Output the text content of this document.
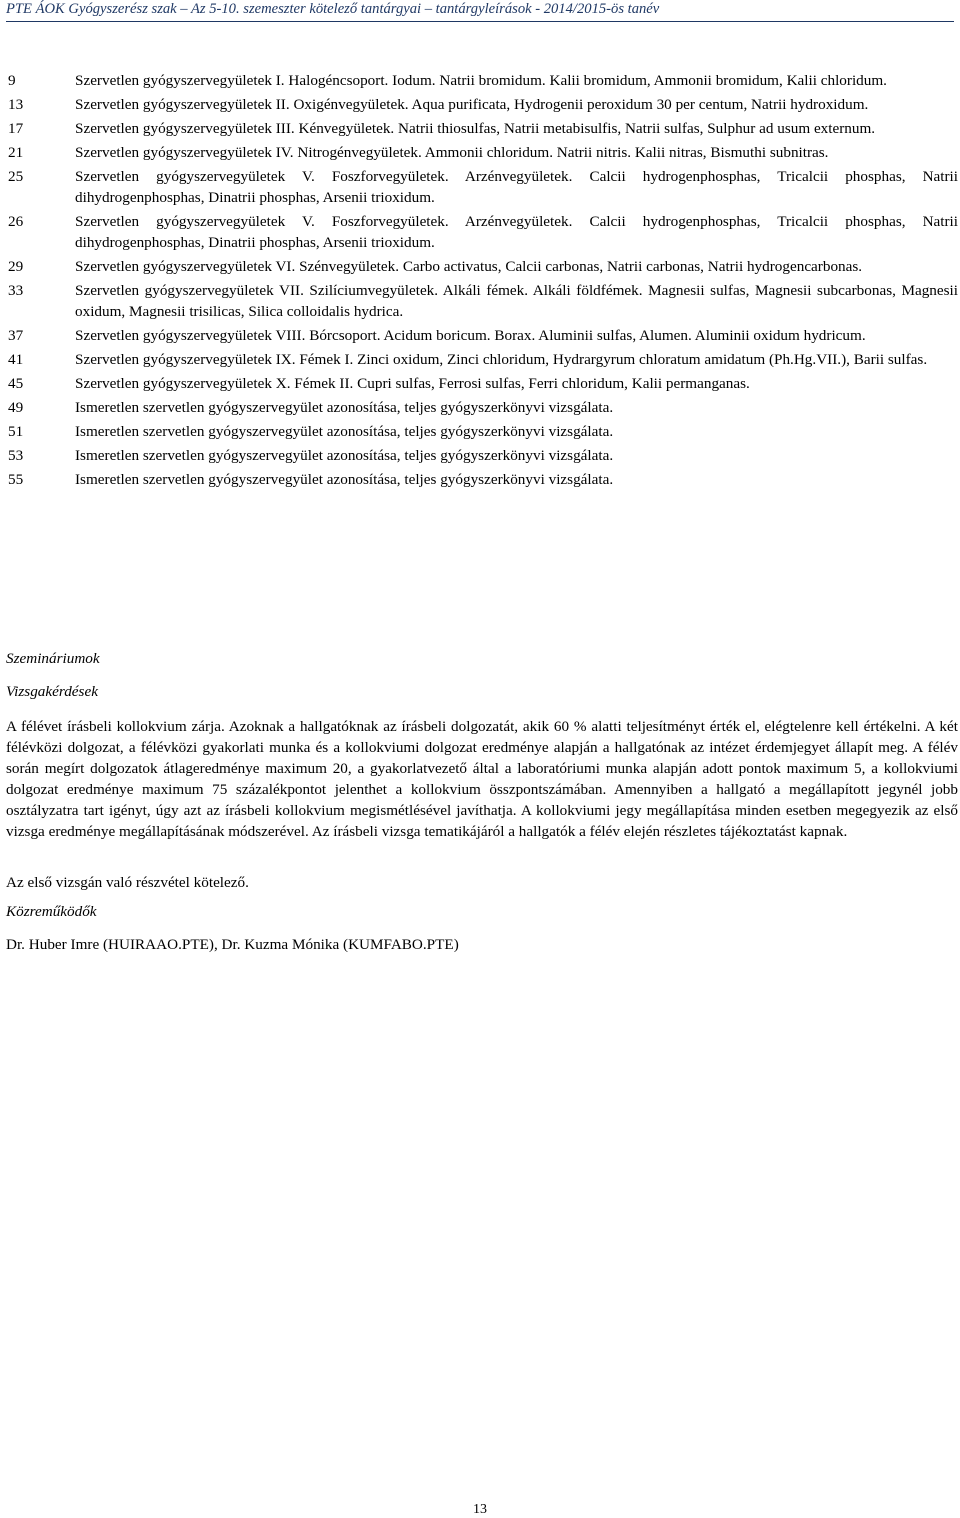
PTE ÁOK Gyógyszerész szak – Az 5-10. szemeszter kötelező tantárgyai – tantárgyleírások - 2014/2015-ös tanév
9	Szervetlen gyógyszervegyületek I. Halogéncsoport. Iodum. Natrii bromidum. Kalii bromidum, Ammonii bromidum, Kalii chloridum.
13	Szervetlen gyógyszervegyületek II. Oxigénvegyületek. Aqua purificata, Hydrogenii peroxidum 30 per centum, Natrii hydroxidum.
17	Szervetlen gyógyszervegyületek III. Kénvegyületek. Natrii thiosulfas, Natrii metabisulfis, Natrii sulfas, Sulphur ad usum externum.
21	Szervetlen gyógyszervegyületek IV. Nitrogénvegyületek. Ammonii chloridum. Natrii nitris. Kalii nitras, Bismuthi subnitras.
25	Szervetlen gyógyszervegyületek V. Foszforvegyületek. Arzénvegyületek. Calcii hydrogenphosphas, Tricalcii phosphas, Natrii dihydrogenphosphas, Dinatrii phosphas, Arsenii trioxidum.
26	Szervetlen gyógyszervegyületek V. Foszforvegyületek. Arzénvegyületek. Calcii hydrogenphosphas, Tricalcii phosphas, Natrii dihydrogenphosphas, Dinatrii phosphas, Arsenii trioxidum.
29	Szervetlen gyógyszervegyületek VI. Szénvegyületek. Carbo activatus, Calcii carbonas, Natrii carbonas, Natrii hydrogencarbonas.
33	Szervetlen gyógyszervegyületek VII. Szilíciumvegyületek. Alkáli fémek. Alkáli földfémek. Magnesii sulfas, Magnesii subcarbonas, Magnesii oxidum, Magnesii trisilicas, Silica colloidalis hydrica.
37	Szervetlen gyógyszervegyületek VIII. Bórcsoport. Acidum boricum. Borax. Aluminii sulfas, Alumen. Aluminii oxidum hydricum.
41	Szervetlen gyógyszervegyületek IX. Fémek I. Zinci oxidum, Zinci chloridum, Hydrargyrum chloratum amidatum (Ph.Hg.VII.), Barii sulfas.
45	Szervetlen gyógyszervegyületek X. Fémek II. Cupri sulfas, Ferrosi sulfas, Ferri chloridum, Kalii permanganas.
49	Ismeretlen szervetlen gyógyszervegyület azonosítása, teljes gyógyszerkönyvi vizsgálata.
51	Ismeretlen szervetlen gyógyszervegyület azonosítása, teljes gyógyszerkönyvi vizsgálata.
53	Ismeretlen szervetlen gyógyszervegyület azonosítása, teljes gyógyszerkönyvi vizsgálata.
55	Ismeretlen szervetlen gyógyszervegyület azonosítása, teljes gyógyszerkönyvi vizsgálata.
Szemináriumok
Vizsgakérdések
A félévet írásbeli kollokvium zárja. Azoknak a hallgatóknak az írásbeli dolgozatát, akik 60 % alatti teljesítményt érték el, elégtelenre kell értékelni. A két félévközi dolgozat, a félévközi gyakorlati munka és a kollokviumi dolgozat eredménye alapján a hallgatónak az intézet érdemjegyet állapít meg. A félév során megírt dolgozatok átlageredménye maximum 20, a gyakorlatvezető által a laboratóriumi munka alapján adott pontok maximum 5, a kollokviumi dolgozat eredménye maximum 75 százalékpontot jelenthet a kollokvium összpontszámában. Amennyiben a hallgató a megállapított jegynél jobb osztályzatra tart igényt, úgy azt az írásbeli kollokvium megismétlésével javíthatja. A kollokviumi jegy megállapítása minden esetben megegyezik az első vizsga eredménye megállapításának módszerével. Az írásbeli vizsga tematikájáról a hallgatók a félév elején részletes tájékoztatást kapnak.
Az első vizsgán való részvétel kötelező.
Közreműködők
Dr. Huber Imre (HUIRAAO.PTE), Dr. Kuzma Mónika (KUMFABO.PTE)
13
